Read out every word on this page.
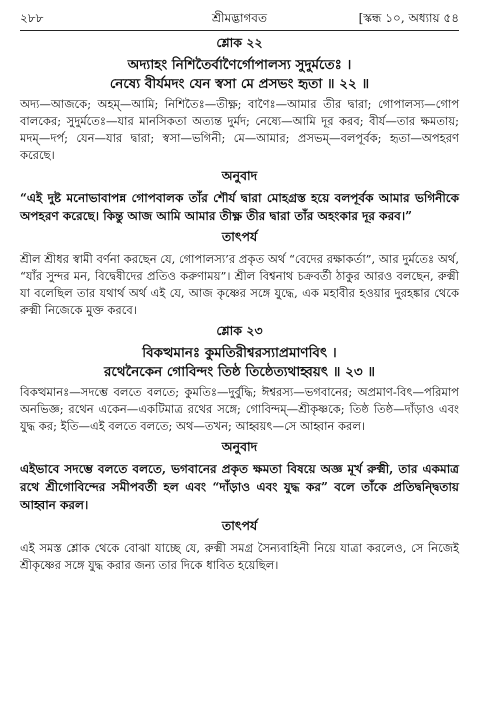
২৮৮	শ্রীমদ্ভাগবত	[স্কন্ধ ১০, অধ্যায় ৫৪
শ্লোক ২২
অদ্যাহং নিশিতৈর্বাণৈর্গোপালস্য সুদুর্মতেঃ ।
নেষ্যে বীর্যমদং যেন স্বসা মে প্রসভং হৃতা ॥ ২২ ॥
অদ্য—আজকে; অহম্—আমি; নিশিতৈঃ—তীক্ষ্ণ; বাণৈঃ—আমার তীর দ্বারা; গোপালস্য—গোপ বালকের; সুদুর্মতেঃ—যার মানসিকতা অত্যন্ত দুর্মদ; নেষ্যে—আমি দূর করব; বীর্য—তার ক্ষমতায়; মদম্—দর্প; যেন—যার দ্বারা; স্বসা—ভগিনী; মে—আমার; প্রসভম্—বলপূর্বক; হৃতা—অপহরণ করেছে।
অনুবাদ
“এই দুষ্ট মনোভাবাপন্ন গোপবালক তাঁর শৌর্য দ্বারা মোহগ্রস্ত হয়ে বলপূর্বক আমার ভগিনীকে অপহরণ করেছে। কিন্তু আজ আমি আমার তীক্ষ্ণ তীর দ্বারা তাঁর অহংকার দূর করব।”
তাৎপর্য
শ্রীল শ্রীধর স্বামী বর্ণনা করছেন যে, গোপালস্য’র প্রকৃত অর্থ “বেদের রক্ষাকর্তা”, আর দুর্মতেঃ অর্থ, “যাঁর সুন্দর মন, বিদ্বেষীদের প্রতিও করুণাময়”। শ্রীল বিশ্বনাথ চক্রবর্তী ঠাকুর আরও বলছেন, রুক্মী যা বলেছিল তার যথার্থ অর্থ এই যে, আজ কৃষ্ণের সঙ্গে যুদ্ধে, এক মহাবীর হওয়ার দুরহঙ্কার থেকে রুক্মী নিজেকে মুক্ত করবে।
শ্লোক ২৩
বিকত্থমানঃ কুমতিরীশ্বরস্যাপ্রমাণবিৎ ।
রথেনৈকেন গোবিন্দং তিষ্ঠ তিষ্ঠেত্যথাহ্বয়ৎ ॥ ২৩ ॥
বিকত্থমানঃ—সদম্ভে বলতে বলতে; কুমতিঃ—দুর্বুদ্ধি; ঈশ্বরস্য—ভগবানের; অপ্রমাণ-বিৎ—পরিমাপ অনভিজ্ঞ; রথেন একেন—একটিমাত্র রথের সঙ্গে; গোবিন্দম্—শ্রীকৃষ্ণকে; তিষ্ঠ তিষ্ঠ—দাঁড়াও এবং যুদ্ধ কর; ইতি—এই বলতে বলতে; অথ—তখন; আহ্বয়ৎ—সে আহ্বান করল।
অনুবাদ
এইভাবে সদম্ভে বলতে বলতে, ভগবানের প্রকৃত ক্ষমতা বিষয়ে অজ্ঞ মূর্খ রুক্মী, তার একমাত্র রথে শ্রীগোবিন্দের সমীপবর্তী হল এবং “দাঁড়াও এবং যুদ্ধ কর” বলে তাঁকে প্রতিদ্বন্দ্বিতায় আহ্বান করল।
তাৎপর্য
এই সমস্ত শ্লোক থেকে বোঝা যাচ্ছে যে, রুক্মী সমগ্র সৈন্যবাহিনী নিয়ে যাত্রা করলেও, সে নিজেই শ্রীকৃষ্ণের সঙ্গে যুদ্ধ করার জন্য তার দিকে ধাবিত হয়েছিল।
